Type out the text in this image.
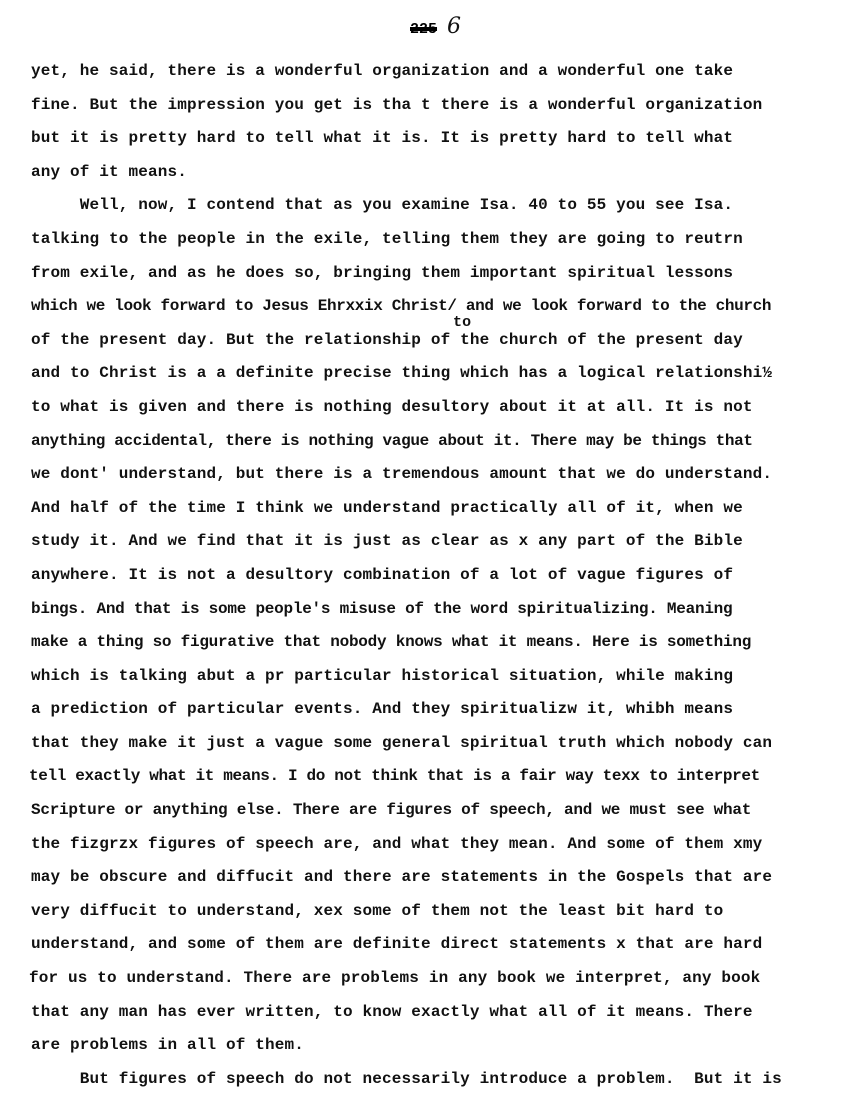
225 6
yet, he said, there is a wonderful organization and a wonderful one take
fine. But the impression you get is tha t there is a wonderful organization
but it is pretty hard to tell what it is. It is pretty hard to tell what
any of it means.
Well, now, I contend that as you examine Isa. 40 to 55 you see Isa.
talking to the people in the exile, telling them they are going to reutrn
from exile, and as he does so, bringing them important spiritual lessons
which we look forward to Jesus Ehrxxix Christ/ and we look forward to the church
of the present day. But the relationship of the church of the present day
to
and to Christ is a a definite precise thing which has a logical relationshi½
to what is given and there is nothing desultory about it at all. It is not
anything accidental, there is nothing vague about it. There may be things that
we dont' understand, but there is a tremendous amount that we do understand.
And half of the time I think we understand practically all of it, when we
study it. And we find that it is just as clear as x any part of the Bible
anywhere. It is not a desultory combination of a lot of vague figures of
bings. And that is some people's misuse of the word spiritualizing. Meaning
make a thing so figurative that nobody knows what it means. Here is something
which is talking abut a pr particular historical situation, while making
a prediction of particular events. And they spiritualizw it, whibh means
that they make it just a vague some general spiritual truth which nobody can
tell exactly what it means. I do not think that is a fair way texx to interpret
Scripture or anything else. There are figures of speech, and we must see what
the fizgrzx figures of speech are, and what they mean. And some of them xmy
may be obscure and diffucit and there are statements in the Gospels that are
very diffucit to understand, xex some of them not the least bit hard to
understand, and some of them are definite direct statements x that are hard
for us to understand. There are problems in any book we interpret, any book
that any man has ever written, to know exactly what all of it means. There
are problems in all of them.
But figures of speech do not necessarily introduce a problem.  But it is
